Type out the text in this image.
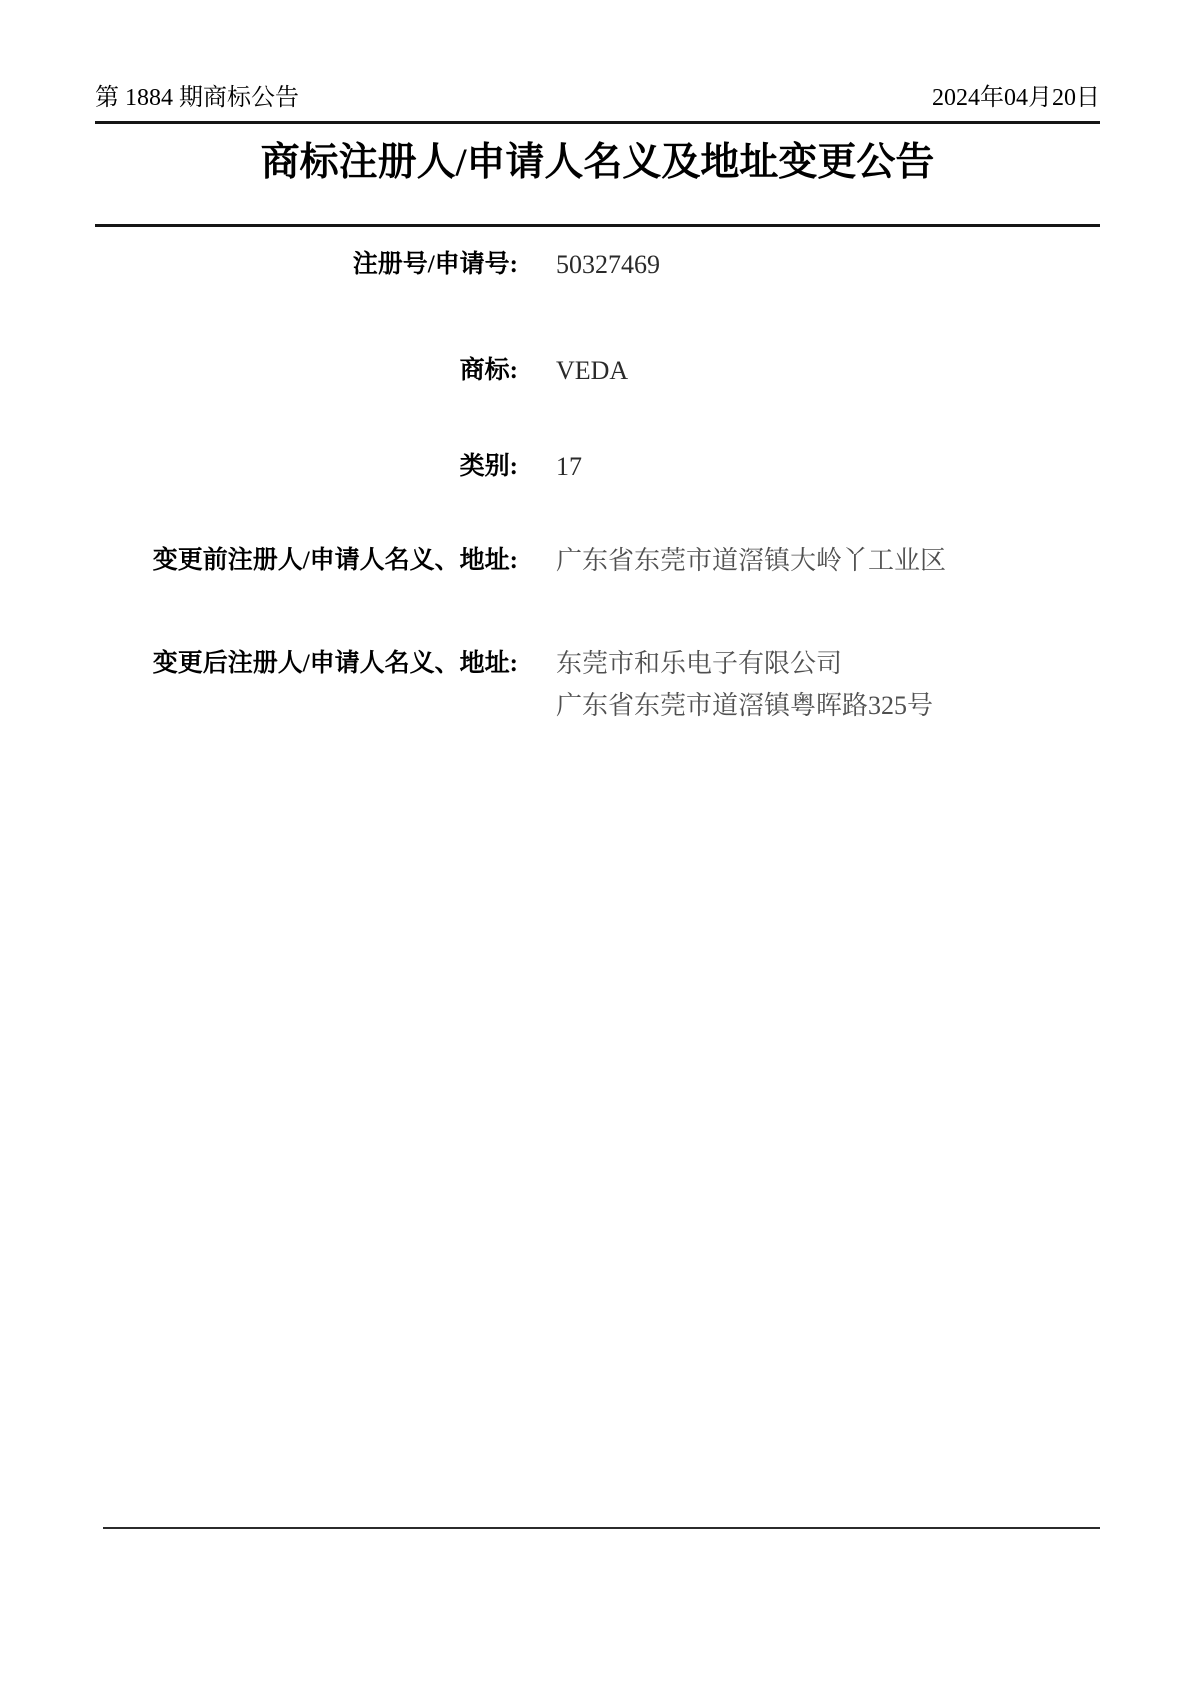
第 1884 期商标公告	2024年04月20日
商标注册人/申请人名义及地址变更公告
注册号/申请号: 50327469
商标: VEDA
类别: 17
变更前注册人/申请人名义、地址: 广东省东莞市道滘镇大岭丫工业区
变更后注册人/申请人名义、地址: 东莞市和乐电子有限公司

广东省东莞市道滘镇粤晖路325号
